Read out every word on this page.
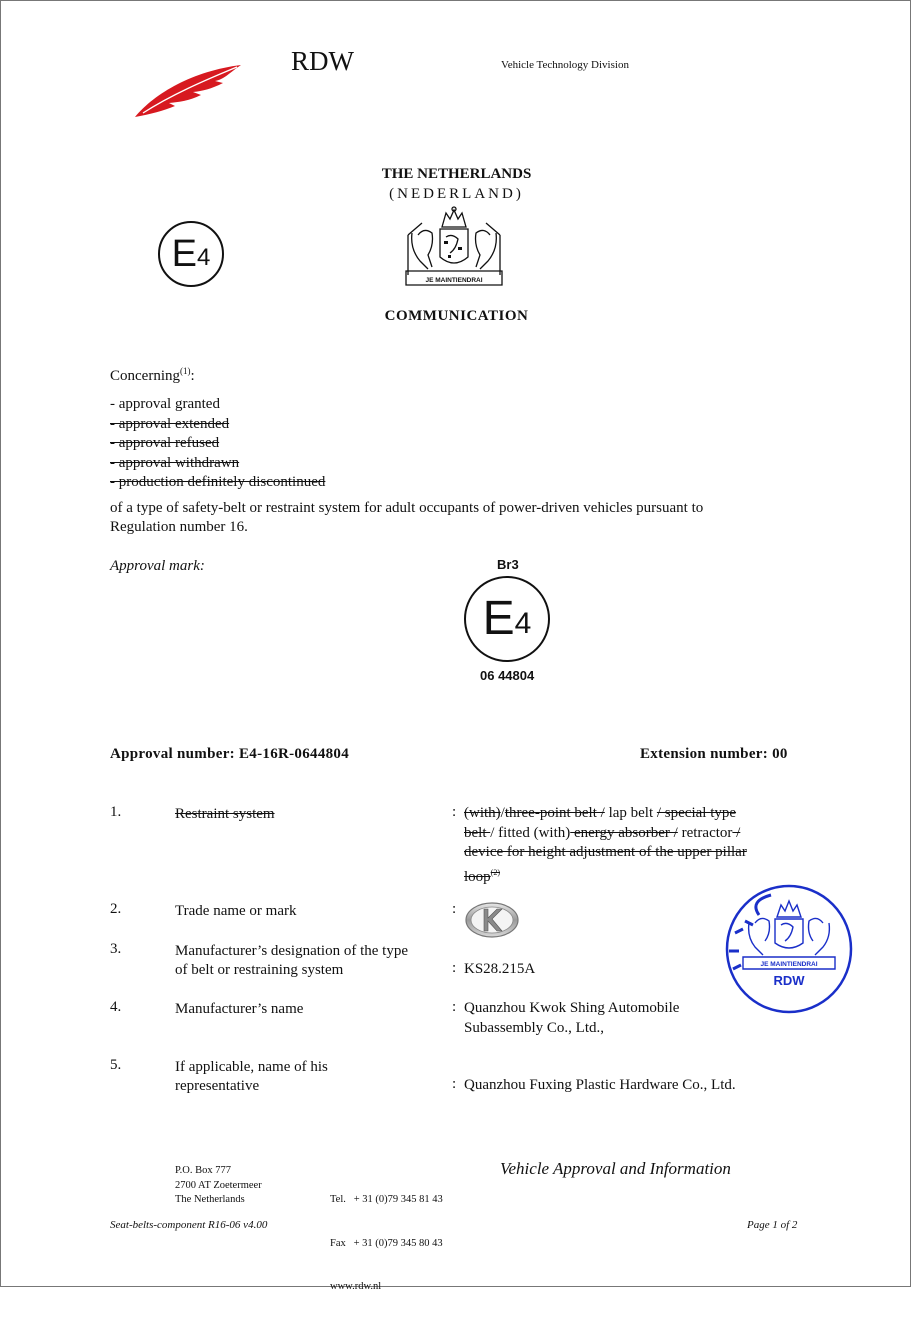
RDW	Vehicle Technology Division
THE NETHERLANDS
(NEDERLAND)
E 4
JE MAINTIENDRAI
COMMUNICATION
Concerning$^{(1)}$:
- approval granted
- approval extended
- approval refused
- approval withdrawn
- production definitely discontinued
of a type of safety-belt or restraint system for adult occupants of power-driven vehicles pursuant to
Regulation number 16.
Approval mark:	Br3
E 4
06 44804
Approval number: E4-16R-0644804	Extension number: 00
1.	Restraint system	: (with)/three-point belt / lap belt / special type
belt / fitted (with) energy absorber / retractor /
device for height adjustment of the upper pillar
loop$^{(2)}$
2.	Trade name or mark	:
3.	Manufacturer’s designation of the type
of belt or restraining system	: KS28.215A
4.	Manufacturer’s name	: Quanzhou Kwok Shing Automobile
Subassembly Co., Ltd.,
5.	If applicable, name of his
representative	: Quanzhou Fuxing Plastic Hardware Co., Ltd.
JE MAINTIENDRAI
RDW
P.O. Box 777
2700 AT Zoetermeer
The Netherlands

	Tel.   + 31 (0)79 345 81 43

Fax   + 31 (0)79 345 80 43

www.rdw.nl

Vehicle Approval and Information
Seat-belts-component R16-06 v4.00	Page 1 of 2
